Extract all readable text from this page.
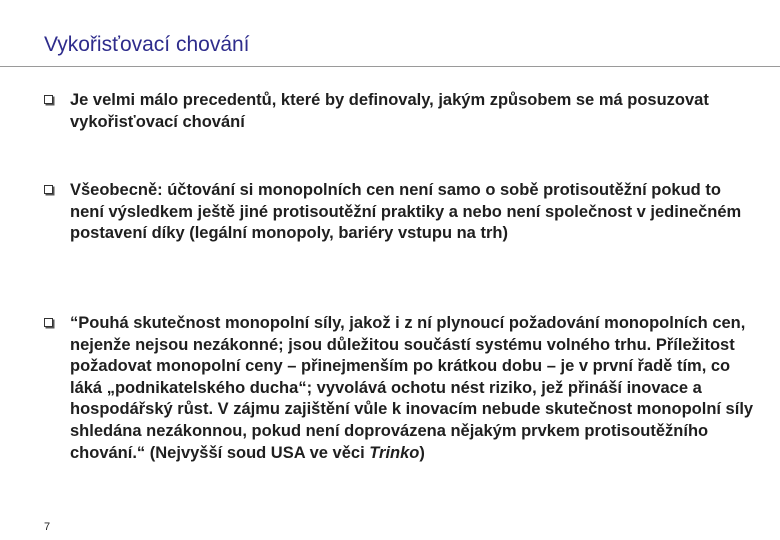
Vykořisťovací chování
Je velmi málo precedentů, které by definovaly, jakým způsobem se má posuzovat vykořisťovací chování
Všeobecně: účtování si monopolních cen není samo o sobě protisoutěžní pokud to není výsledkem ještě jiné protisoutěžní praktiky a nebo není společnost v jedinečném postavení díky (legální monopoly, bariéry vstupu na trh)
“Pouhá skutečnost monopolní síly, jakož i z ní plynoucí požadování monopolních cen, nejenže nejsou nezákonné; jsou důležitou součástí systému volného trhu. Příležitost požadovat monopolní ceny – přinejmenším po krátkou dobu – je v první řadě tím, co láká „podnikatelského ducha“; vyvolává ochotu nést riziko, jež přináší inovace a hospodářský růst. V zájmu zajištění vůle k inovacím nebude skutečnost monopolní síly shledána nezákonnou, pokud není doprovázena nějakým prvkem protisoutěžního chování.“ (Nejvyšší soud USA ve věci Trinko)
7
